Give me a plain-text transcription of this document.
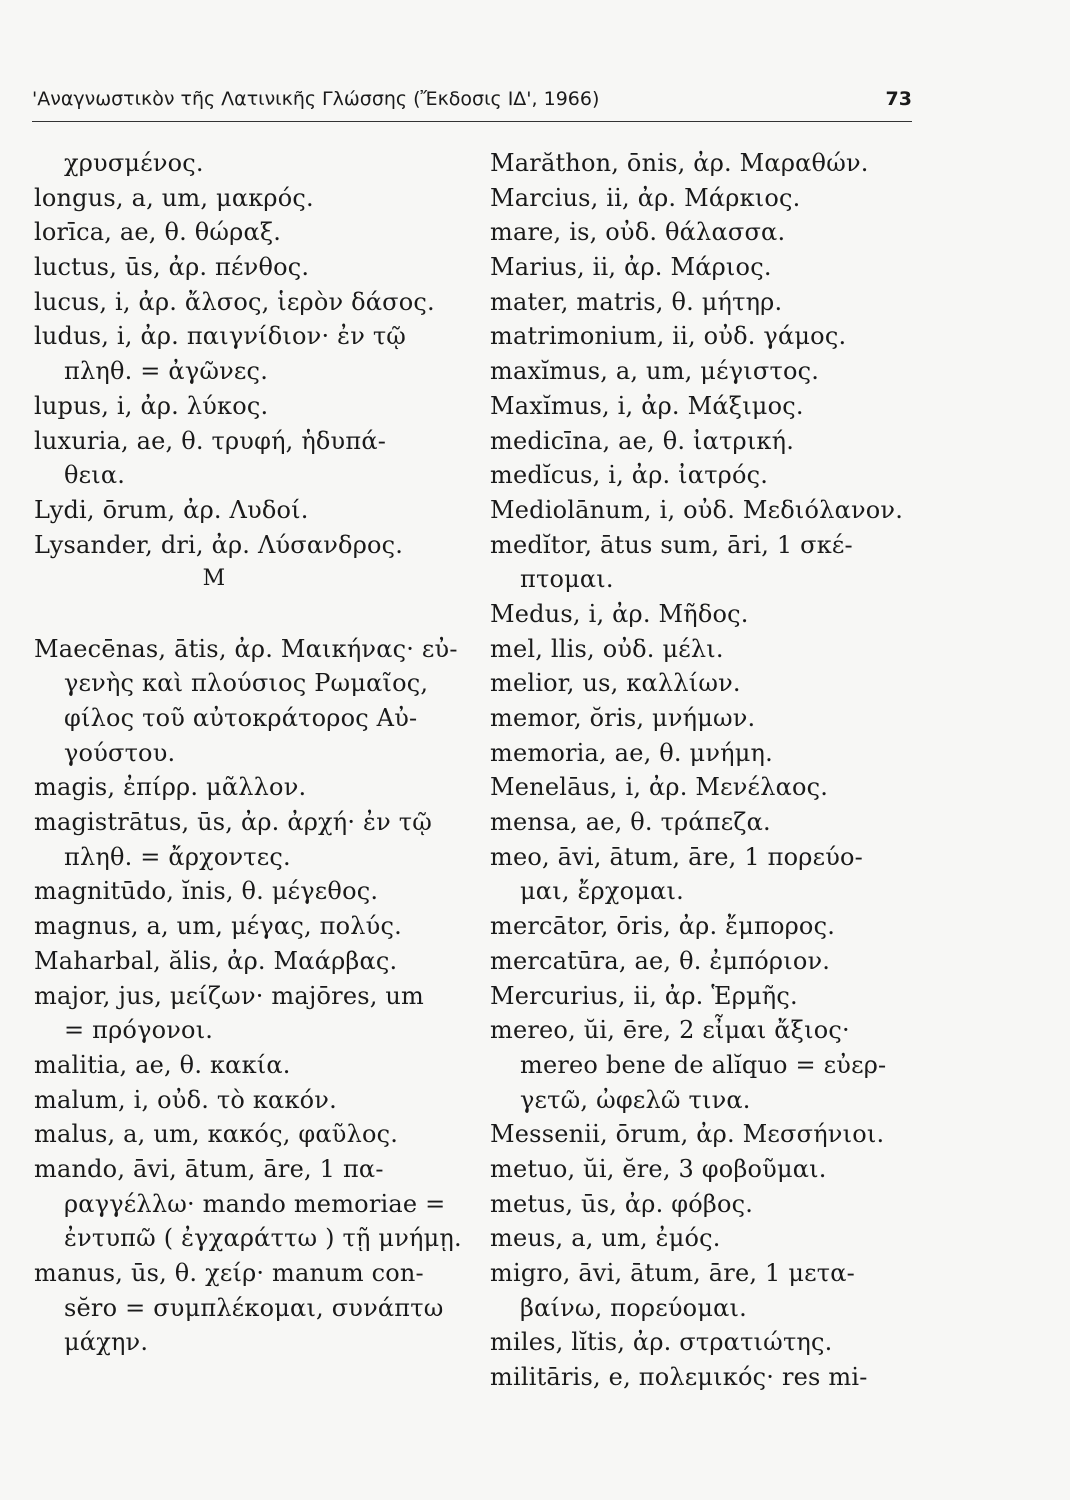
'Αναγνωστικὸν τῆς Λατινικῆς Γλώσσης (Ἔκδοσις ΙΔ', 1966)	73
χρυσμένος.
longus, a, um, μακρός.
lorīca, ae, θ. θώραξ.
luctus, ūs, ἀρ. πένθος.
lucus, i, ἀρ. ἄλσος, ἱερὸν δάσος.
ludus, i, ἀρ. παιγνίδιον· ἐν τῷ
πληθ. = ἀγῶνες.
lupus, i, ἀρ. λύκος.
luxuria, ae, θ. τρυφή, ἡδυπά-
θεια.
Lydi, ōrum, ἀρ. Λυδοί.
Lysander, dri, ἀρ. Λύσανδρος.
M
Maecēnas, ātis, ἀρ. Μαικήνας· εὐ-
γενὴς καὶ πλούσιος Ρωμαῖος,
φίλος τοῦ αὐτοκράτορος Αὐ-
γούστου.
magis, ἐπίρρ. μᾶλλον.
magistrātus, ūs, ἀρ. ἀρχή· ἐν τῷ
πληθ. = ἄρχοντες.
magnitūdo, ĭnis, θ. μέγεθος.
magnus, a, um, μέγας, πολύς.
Maharbal, ălis, ἀρ. Μαάρβας.
major, jus, μείζων· majōres, um
= πρόγονοι.
malitia, ae, θ. κακία.
malum, i, οὐδ. τὸ κακόν.
malus, a, um, κακός, φαῦλος.
mando, āvi, ātum, āre, 1 πα-
ραγγέλλω· mando memoriae =
ἐντυπῶ ( ἐγχαράττω ) τῇ μνήμῃ.
manus, ūs, θ. χείρ· manum con-
sĕro = συμπλέκομαι, συνάπτω
μάχην.
Marăthon, ōnis, ἀρ. Μαραθών.
Marcius, ii, ἀρ. Μάρκιος.
mare, is, οὐδ. θάλασσα.
Marius, ii, ἀρ. Μάριος.
mater, matris, θ. μήτηρ.
matrimonium, ii, οὐδ. γάμος.
maxĭmus, a, um, μέγιστος.
Maxĭmus, i, ἀρ. Μάξιμος.
medicīna, ae, θ. ἰατρική.
medĭcus, i, ἀρ. ἰατρός.
Mediolānum, i, οὐδ. Μεδιόλανον.
medĭtor, ātus sum, āri, 1 σκέ-
πτομαι.
Medus, i, ἀρ. Μῆδος.
mel, llis, οὐδ. μέλι.
melior, us, καλλίων.
memor, ŏris, μνήμων.
memoria, ae, θ. μνήμη.
Menelāus, i, ἀρ. Μενέλαος.
mensa, ae, θ. τράπεζα.
meo, āvi, ātum, āre, 1 πορεύο-
μαι, ἔρχομαι.
mercātor, ōris, ἀρ. ἔμπορος.
mercatūra, ae, θ. ἐμπόριον.
Mercurius, ii, ἀρ. Ἑρμῆς.
mereo, ŭi, ēre, 2 εἶμαι ἄξιος·
mereo bene de alĭquo = εὐερ-
γετῶ, ὠφελῶ τινα.
Messenii, ōrum, ἀρ. Μεσσήνιοι.
metuo, ŭi, ĕre, 3 φοβοῦμαι.
metus, ūs, ἀρ. φόβος.
meus, a, um, ἐμός.
migro, āvi, ātum, āre, 1 μετα-
βαίνω, πορεύομαι.
miles, lĭtis, ἀρ. στρατιώτης.
militāris, e, πολεμικός· res mi-
